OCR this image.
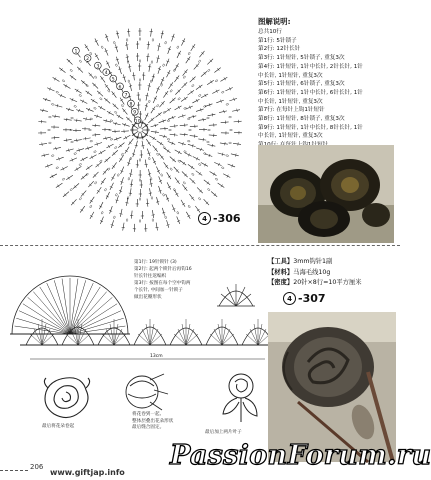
1
2
3
4
5
6
7
8
9
10
图解说明:
总共10行
第1行: 5针锁子
第2行: 12针长针
第3行: 1针短针, 5针锁子, 重复3次
第4行: 1针短针, 1针中长针, 2针长针, 1针
中长针, 1针短针, 重复3次
第5行: 1针短针, 6针锁子, 重复3次
第6行: 1针短针, 1针中长针, 6针长针, 1针
中长针, 1针短针, 重复3次
第7行: 在每针上钩1针短针
第8行: 1针短针, 8针锁子, 重复3次
第9行: 1针短针, 1针中长针, 8针长针, 1针
中长针, 1针短针, 重复3次
4 -306
第1行: 19针锁针 (3)
第2行: 起两个锁针后再钩16
针长针往返编织
第3行: 按图在每个空中钩两
个长针, 中间加一针锁子
做出花瓣形状
13cm
【工具】3mm钩针1副
【材料】马海毛线10g
【密度】20针×8行=10平方厘米
4 -307
最后将花朵卷起
将花卷到一起,
整体层叠出花朵形状
最后缝合固定。
最后加上两片叶子
206
www.giftjap.info
PassionForum.ru
